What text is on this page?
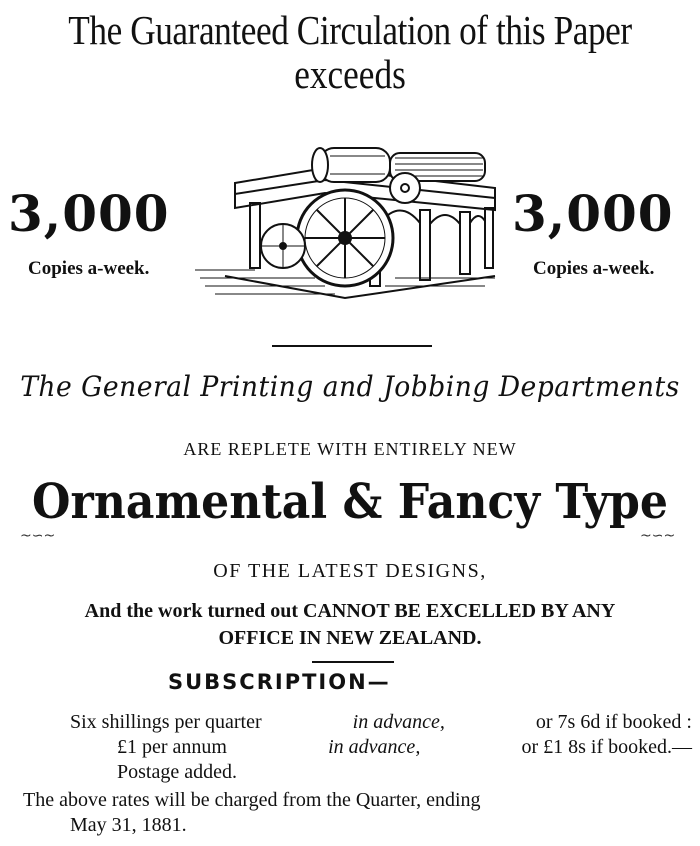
The Guaranteed Circulation of this Paper
exceeds
3,000
Copies a-week.
3,000
Copies a-week.
The General Printing and Jobbing Departments
ARE REPLETE WITH ENTIRELY NEW
Ornamental & Fancy Type
~∽~	~∽~
OF THE LATEST DESIGNS,
And the work turned out CANNOT BE EXCELLED BY ANY
OFFICE IN NEW ZEALAND.
SUBSCRIPTION—
Six shillings per quarter	in advance,	or 7s 6d if booked :
£1 per annum	in advance,	or £1 8s if booked.—
Postage added.
The above rates will be charged from the Quarter, ending
May 31, 1881.
